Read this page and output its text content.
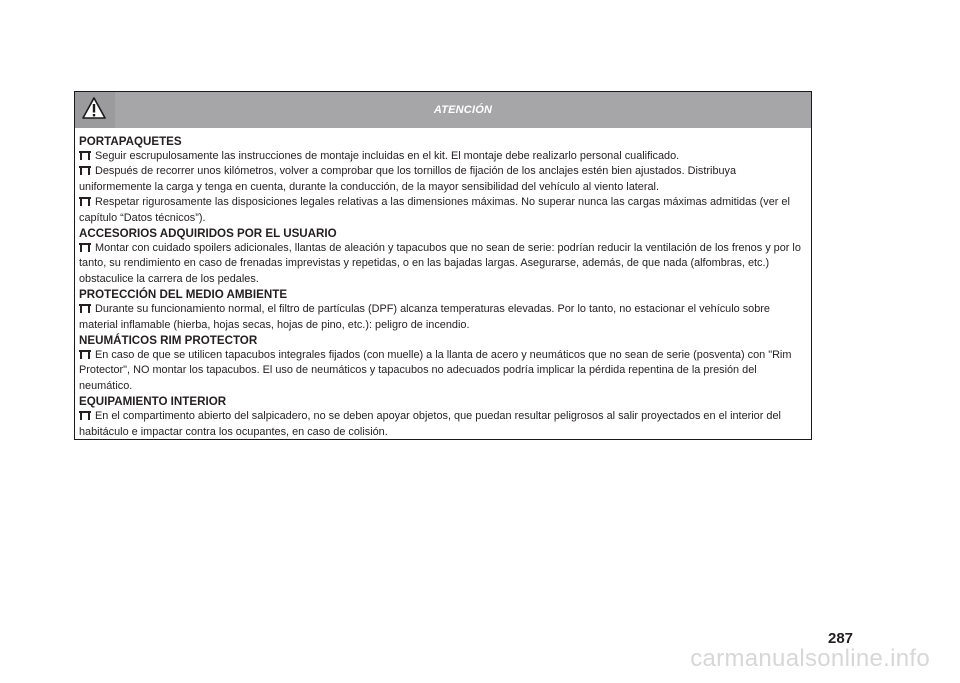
ATENCIÓN
PORTAPAQUETES
Seguir escrupulosamente las instrucciones de montaje incluidas en el kit. El montaje debe realizarlo personal cualificado.
Después de recorrer unos kilómetros, volver a comprobar que los tornillos de fijación de los anclajes estén bien ajustados. Distribuya uniformemente la carga y tenga en cuenta, durante la conducción, de la mayor sensibilidad del vehículo al viento lateral.
Respetar rigurosamente las disposiciones legales relativas a las dimensiones máximas. No superar nunca las cargas máximas admitidas (ver el capítulo “Datos técnicos”).
ACCESORIOS ADQUIRIDOS POR EL USUARIO
Montar con cuidado spoilers adicionales, llantas de aleación y tapacubos que no sean de serie: podrían reducir la ventilación de los frenos y por lo tanto, su rendimiento en caso de frenadas imprevistas y repetidas, o en las bajadas largas. Asegurarse, además, de que nada (alfombras, etc.) obstaculice la carrera de los pedales.
PROTECCIÓN DEL MEDIO AMBIENTE
Durante su funcionamiento normal, el filtro de partículas (DPF) alcanza temperaturas elevadas. Por lo tanto, no estacionar el vehículo sobre material inflamable (hierba, hojas secas, hojas de pino, etc.): peligro de incendio.
NEUMÁTICOS RIM PROTECTOR
En caso de que se utilicen tapacubos integrales fijados (con muelle) a la llanta de acero y neumáticos que no sean de serie (posventa) con "Rim Protector", NO montar los tapacubos. El uso de neumáticos y tapacubos no adecuados podría implicar la pérdida repentina de la presión del neumático.
EQUIPAMIENTO INTERIOR
En el compartimento abierto del salpicadero, no se deben apoyar objetos, que puedan resultar peligrosos al salir proyectados en el interior del habitáculo e impactar contra los ocupantes, en caso de colisión.
287
carmanualsonline.info
